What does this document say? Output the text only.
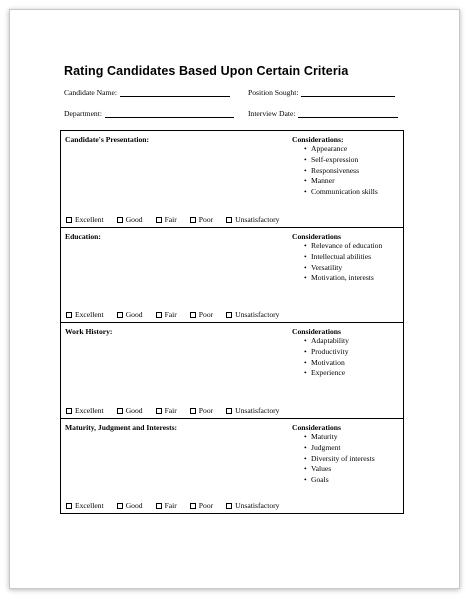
Rating Candidates Based Upon Certain Criteria
Candidate Name:	Position Sought:
Department:	Interview Date:
Candidate's Presentation:	Considerations:
• Appearance
• Self-expression
• Responsiveness
• Manner
• Communication skills
Excellent	Good	Fair	Poor	Unsatisfactory
Education:	Considerations
• Relevance of education
• Intellectual abilities
• Versatility
• Motivation, interests
Excellent	Good	Fair	Poor	Unsatisfactory
Work History:	Considerations
• Adaptability
• Productivity
• Motivation
• Experience
Excellent	Good	Fair	Poor	Unsatisfactory
Maturity, Judgment and Interests:	Considerations
• Maturity
• Judgment
• Diversity of interests
• Values
• Goals
Excellent	Good	Fair	Poor	Unsatisfactory
